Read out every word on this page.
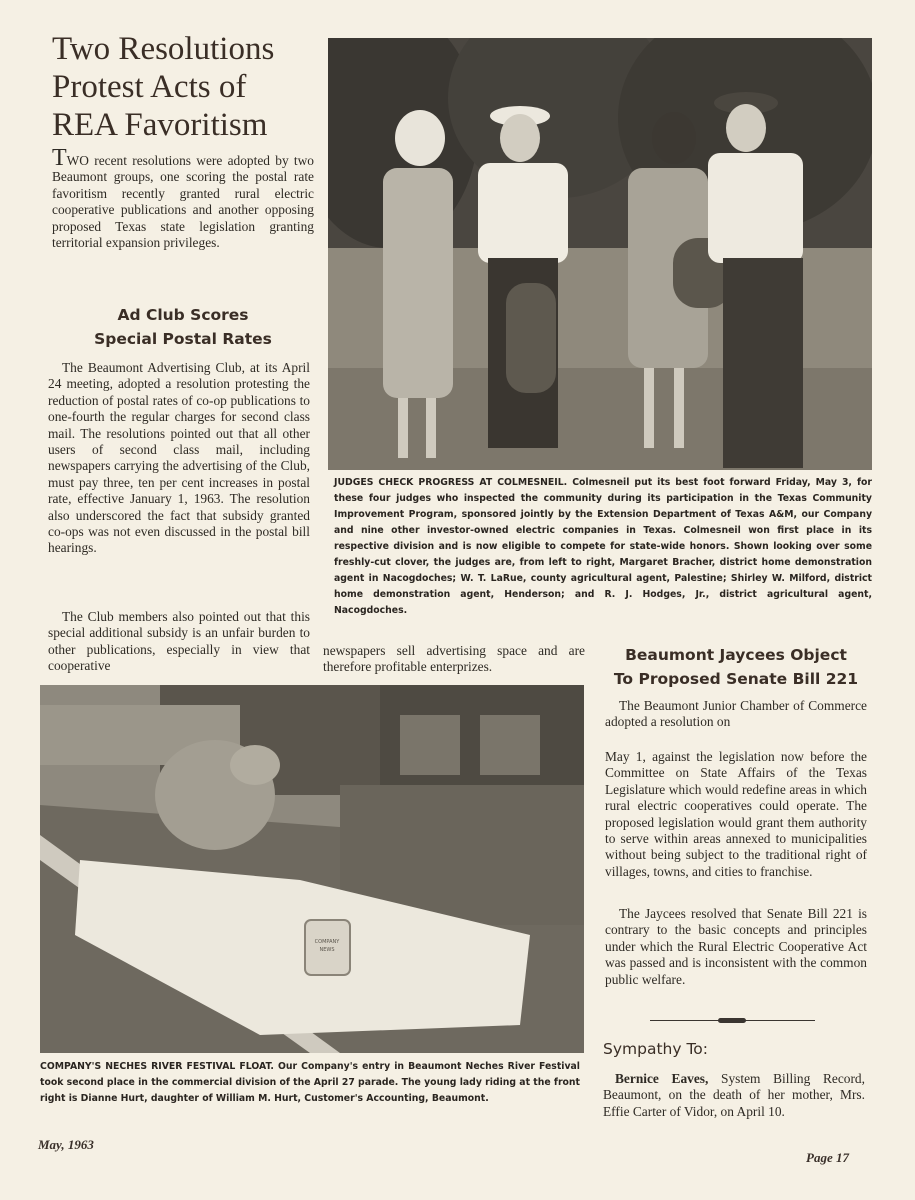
Two Resolutions
Protest Acts of
REA Favoritism

TWO recent resolutions were adopted by two Beaumont groups, one scoring the postal rate favoritism recently granted rural electric cooperative publications and another opposing proposed Texas state legislation granting territorial expansion privileges.

Ad Club Scores

Special Postal Rates

The Beaumont Advertising Club, at its April 24 meeting, adopted a resolution protesting the reduction of postal rates of co-op publications to one-fourth the regular charges for second class mail. The resolutions pointed out that all other users of second class mail, including newspapers carrying the advertising of the Club, must pay three, ten per cent increases in postal rate, effective January 1, 1963. The resolution also underscored the fact that subsidy granted co-ops was not even discussed in the postal bill hearings.

The Club members also pointed out that this special additional subsidy is an unfair burden to other publications, especially in view that cooperative

newspapers sell advertising space and are therefore profitable enterprizes.

JUDGES CHECK PROGRESS AT COLMESNEIL. Colmesneil put its best foot forward Friday, May 3, for these four judges who inspected the community during its participation in the Texas Community Improvement Program, sponsored jointly by the Extension Department of Texas A&M, our Company and nine other investor-owned electric companies in Texas. Colmesneil won first place in its respective division and is now eligible to compete for state-wide honors. Shown looking over some freshly-cut clover, the judges are, from left to right, Margaret Bracher, district home demonstration agent in Nacogdoches; W. T. LaRue, county agricultural agent, Palestine; Shirley W. Milford, district home demonstration agent, Henderson; and R. J. Hodges, Jr., district agricultural agent, Nacogdoches.

COMPANY NEWS

COMPANY'S NECHES RIVER FESTIVAL FLOAT. Our Company's entry in Beaumont Neches River Festival took second place in the commercial division of the April 27 parade. The young lady riding at the front right is Dianne Hurt, daughter of William M. Hurt, Customer's Accounting, Beaumont.

Beaumont Jaycees Object

To Proposed Senate Bill 221

The Beaumont Junior Chamber of Commerce adopted a resolution on

May 1, against the legislation now before the Committee on State Affairs of the Texas Legislature which would redefine areas in which rural electric cooperatives could operate. The proposed legislation would grant them authority to serve within areas annexed to municipalities without being subject to the traditional right of villages, towns, and cities to franchise.

The Jaycees resolved that Senate Bill 221 is contrary to the basic concepts and principles under which the Rural Electric Cooperative Act was passed and is inconsistent with the common public welfare.

Sympathy To:

Bernice Eaves, System Billing Record, Beaumont, on the death of her mother, Mrs. Effie Carter of Vidor, on April 10.

May, 1963
Page 17
